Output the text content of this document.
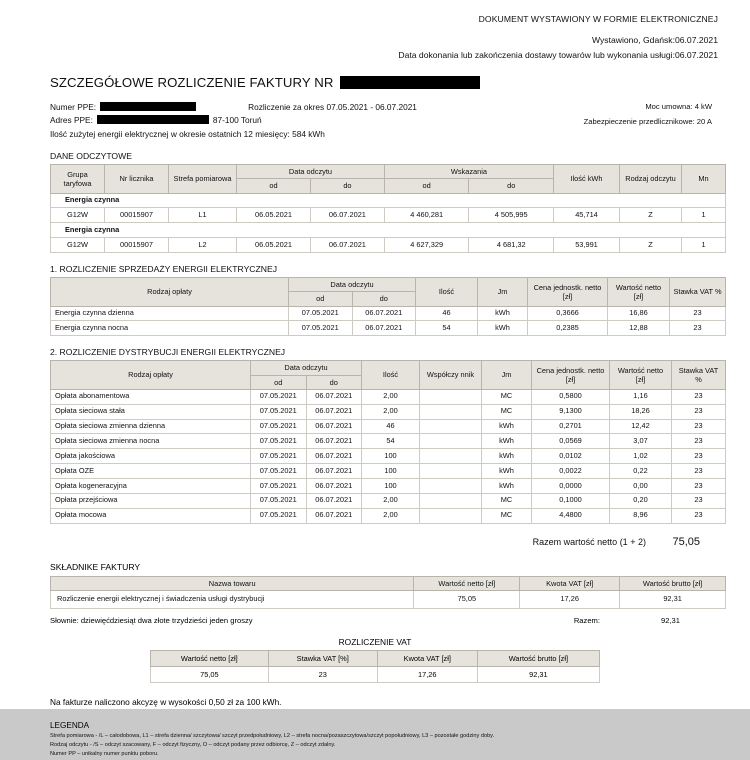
DOKUMENT WYSTAWIONY W FORMIE ELEKTRONICZNEJ
Wystawiono, Gdańsk:06.07.2021
Data dokonania lub zakończenia dostawy towarów lub wykonania usługi:06.07.2021
SZCZEGÓŁOWE ROZLICZENIE FAKTURY NR
Moc umowna: 4 kW
Zabezpieczenie przedlicznikowe: 20 A
Numer PPE:	Rozliczenie za okres 07.05.2021 - 06.07.2021
Adres PPE:	87-100 Toruń
Ilość zużytej energii elektrycznej w okresie ostatnich 12 miesięcy: 584 kWh
DANE ODCZYTOWE
Grupa taryfowa	Nr licznika	Strefa pomiarowa	Data odczytu		Wskazania		Ilość kWh	Rodzaj odczytu	Mn
			od	do	od	do			
Energia czynna									
G12W	00015907	L1	06.05.2021	06.07.2021	4 460,281	4 505,995	45,714	Z	1
Energia czynna									
G12W	00015907	L2	06.05.2021	06.07.2021	4 627,329	4 681,32	53,991	Z	1
1. ROZLICZENIE SPRZEDAŻY ENERGII ELEKTRYCZNEJ
Rodzaj opłaty	Data odczytu		Ilość	Jm	Cena jednostk. netto [zł]	Wartość netto [zł]	Stawka VAT %
	od	do					
Energia czynna dzienna	07.05.2021	06.07.2021	46	kWh	0,3666	16,86	23
Energia czynna nocna	07.05.2021	06.07.2021	54	kWh	0,2385	12,88	23
2. ROZLICZENIE DYSTRYBUCJI ENERGII ELEKTRYCZNEJ
Rodzaj opłaty	Data odczytu		Ilość	Współczy nnik	Jm	Cena jednostk. netto [zł]	Wartość netto [zł]	Stawka VAT %
	od	do						
Opłata abonamentowa	07.05.2021	06.07.2021	2,00		MC	0,5800	1,16	23
Opłata sieciowa stała	07.05.2021	06.07.2021	2,00		MC	9,1300	18,26	23
Opłata sieciowa zmienna dzienna	07.05.2021	06.07.2021	46		kWh	0,2701	12,42	23
Opłata sieciowa zmienna nocna	07.05.2021	06.07.2021	54		kWh	0,0569	3,07	23
Opłata jakościowa	07.05.2021	06.07.2021	100		kWh	0,0102	1,02	23
Opłata OZE	07.05.2021	06.07.2021	100		kWh	0,0022	0,22	23
Opłata kogeneracyjna	07.05.2021	06.07.2021	100		kWh	0,0000	0,00	23
Opłata przejściowa	07.05.2021	06.07.2021	2,00		MC	0,1000	0,20	23
Opłata mocowa	07.05.2021	06.07.2021	2,00		MC	4,4800	8,96	23
Razem wartość netto (1 + 2) 75,05
SKŁADNIKE FAKTURY
Nazwa towaru	Wartość netto [zł]	Kwota VAT [zł]	Wartość brutto [zł]
Rozliczenie energii elektrycznej i świadczenia usługi dystrybucji	75,05	17,26	92,31
Słownie: dziewięćdziesiąt dwa złote trzydzieści jeden groszy	Razem:	92,31
ROZLICZENIE VAT
Wartość netto [zł]	Stawka VAT [%]	Kwota VAT [zł]	Wartość brutto [zł]
75,05	23	17,26	92,31
Na fakturze naliczono akcyzę w wysokości 0,50 zł za 100 kWh.
LEGENDA
Strefa pomiarowa - /L – całodobowa, L1 – strefa dzienna/ szczytowa/ szczyt przedpołudniowy, L2 – strefa nocna/pozaszczytowa/szczyt popołudniowy, L3 – pozostałe godziny doby.
Rodzaj odczytu - /S – odczyt szacowany, F – odczyt fizyczny, O – odczyt podany przez odbiorcę, Z – odczyt zdalny.
Numer PP – unikalny numer punktu poboru.
